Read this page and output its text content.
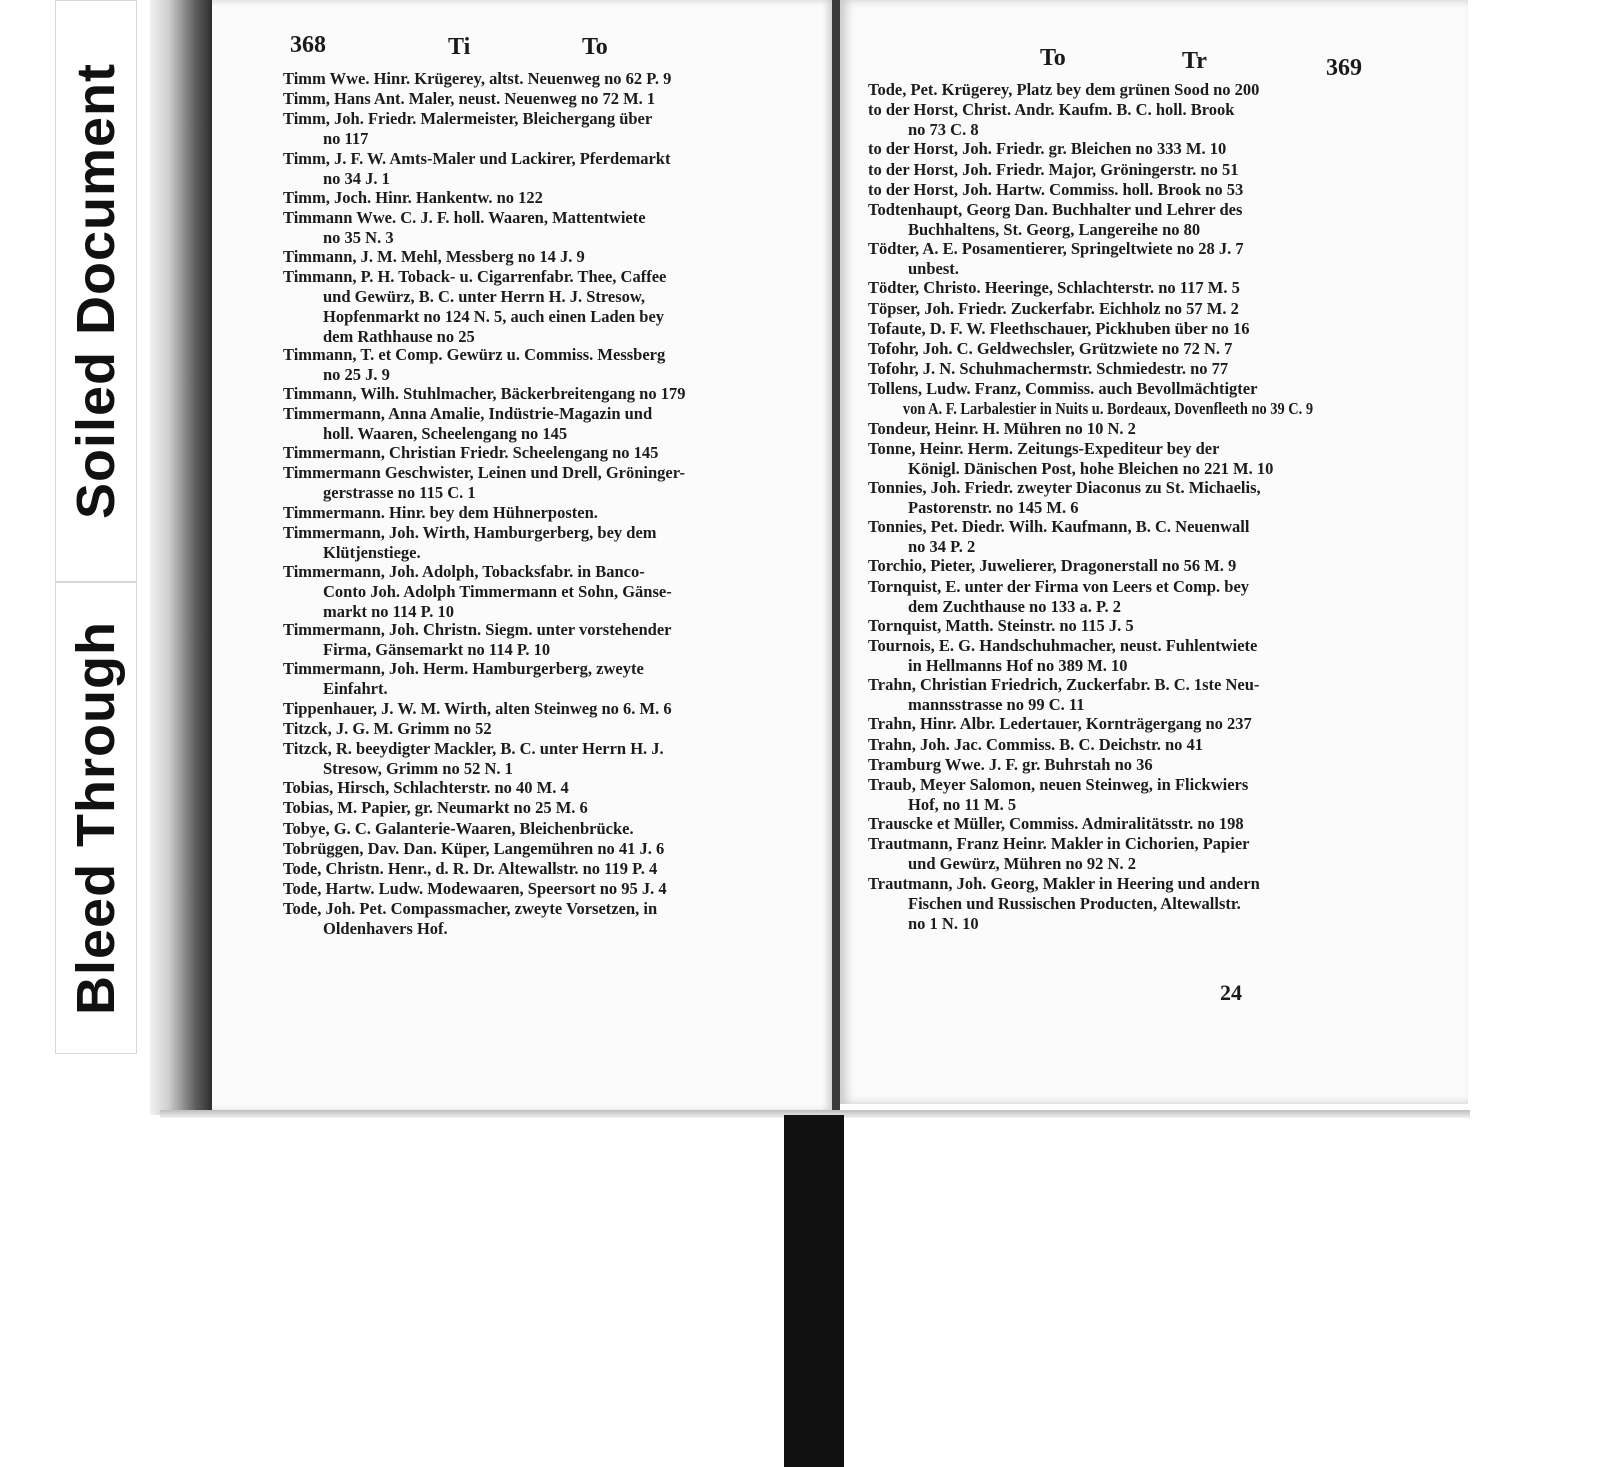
Soiled Document
Bleed Through
368	Ti	To	To	Tr	369
Timm Wwe. Hinr. Krügerey, altst. Neuenweg no 62 P. 9
Timm, Hans Ant. Maler, neust. Neuenweg no 72 M. 1
Timm, Joh. Friedr. Malermeister, Bleichergang über
no 117
Timm, J. F. W. Amts-Maler und Lackirer, Pferdemarkt
no 34 J. 1
Timm, Joch. Hinr. Hankentw. no 122
Timmann Wwe. C. J. F. holl. Waaren, Mattentwiete
no 35 N. 3
Timmann, J. M. Mehl, Messberg no 14 J. 9
Timmann, P. H. Toback- u. Cigarrenfabr. Thee, Caffee
und Gewürz, B. C. unter Herrn H. J. Stresow,
Hopfenmarkt no 124 N. 5, auch einen Laden bey
dem Rathhause no 25
Timmann, T. et Comp. Gewürz u. Commiss. Messberg
no 25 J. 9
Timmann, Wilh. Stuhlmacher, Bäckerbreitengang no 179
Timmermann, Anna Amalie, Indüstrie-Magazin und
holl. Waaren, Scheelengang no 145
Timmermann, Christian Friedr. Scheelengang no 145
Timmermann Geschwister, Leinen und Drell, Gröninger-
gerstrasse no 115 C. 1
Timmermann. Hinr. bey dem Hühnerposten.
Timmermann, Joh. Wirth, Hamburgerberg, bey dem
Klütjenstiege.
Timmermann, Joh. Adolph, Tobacksfabr. in Banco-
Conto Joh. Adolph Timmermann et Sohn, Gänse-
markt no 114 P. 10
Timmermann, Joh. Christn. Siegm. unter vorstehender
Firma, Gänsemarkt no 114 P. 10
Timmermann, Joh. Herm. Hamburgerberg, zweyte
Einfahrt.
Tippenhauer, J. W. M. Wirth, alten Steinweg no 6. M. 6
Titzck, J. G. M. Grimm no 52
Titzck, R. beeydigter Mackler, B. C. unter Herrn H. J.
Stresow, Grimm no 52 N. 1
Tobias, Hirsch, Schlachterstr. no 40 M. 4
Tobias, M. Papier, gr. Neumarkt no 25 M. 6
Tobye, G. C. Galanterie-Waaren, Bleichenbrücke.
Tobrüggen, Dav. Dan. Küper, Langemühren no 41 J. 6
Tode, Christn. Henr., d. R. Dr. Altewallstr. no 119 P. 4
Tode, Hartw. Ludw. Modewaaren, Speersort no 95 J. 4
Tode, Joh. Pet. Compassmacher, zweyte Vorsetzen, in
Oldenhavers Hof.
Tode, Pet. Krügerey, Platz bey dem grünen Sood no 200
to der Horst, Christ. Andr. Kaufm. B. C. holl. Brook
no 73 C. 8
to der Horst, Joh. Friedr. gr. Bleichen no 333 M. 10
to der Horst, Joh. Friedr. Major, Gröningerstr. no 51
to der Horst, Joh. Hartw. Commiss. holl. Brook no 53
Todtenhaupt, Georg Dan. Buchhalter und Lehrer des
Buchhaltens, St. Georg, Langereihe no 80
Tödter, A. E. Posamentierer, Springeltwiete no 28 J. 7
unbest.
Tödter, Christo. Heeringe, Schlachterstr. no 117 M. 5
Töpser, Joh. Friedr. Zuckerfabr. Eichholz no 57 M. 2
Tofaute, D. F. W. Fleethschauer, Pickhuben über no 16
Tofohr, Joh. C. Geldwechsler, Grützwiete no 72 N. 7
Tofohr, J. N. Schuhmachermstr. Schmiedestr. no 77
Tollens, Ludw. Franz, Commiss. auch Bevollmächtigter
von A. F. Larbalestier in Nuits u. Bordeaux, Dovenfleeth no 39 C. 9
Tondeur, Heinr. H. Mühren no 10 N. 2
Tonne, Heinr. Herm. Zeitungs-Expediteur bey der
Königl. Dänischen Post, hohe Bleichen no 221 M. 10
Tonnies, Joh. Friedr. zweyter Diaconus zu St. Michaelis,
Pastorenstr. no 145 M. 6
Tonnies, Pet. Diedr. Wilh. Kaufmann, B. C. Neuenwall
no 34 P. 2
Torchio, Pieter, Juwelierer, Dragonerstall no 56 M. 9
Tornquist, E. unter der Firma von Leers et Comp. bey
dem Zuchthause no 133 a. P. 2
Tornquist, Matth. Steinstr. no 115 J. 5
Tournois, E. G. Handschuhmacher, neust. Fuhlentwiete
in Hellmanns Hof no 389 M. 10
Trahn, Christian Friedrich, Zuckerfabr. B. C. 1ste Neu-
mannsstrasse no 99 C. 11
Trahn, Hinr. Albr. Ledertauer, Kornträgergang no 237
Trahn, Joh. Jac. Commiss. B. C. Deichstr. no 41
Tramburg Wwe. J. F. gr. Buhrstah no 36
Traub, Meyer Salomon, neuen Steinweg, in Flickwiers
Hof, no 11 M. 5
Trauscke et Müller, Commiss. Admiralitätsstr. no 198
Trautmann, Franz Heinr. Makler in Cichorien, Papier
und Gewürz, Mühren no 92 N. 2
Trautmann, Joh. Georg, Makler in Heering und andern
Fischen und Russischen Producten, Altewallstr.
no 1 N. 10
24
